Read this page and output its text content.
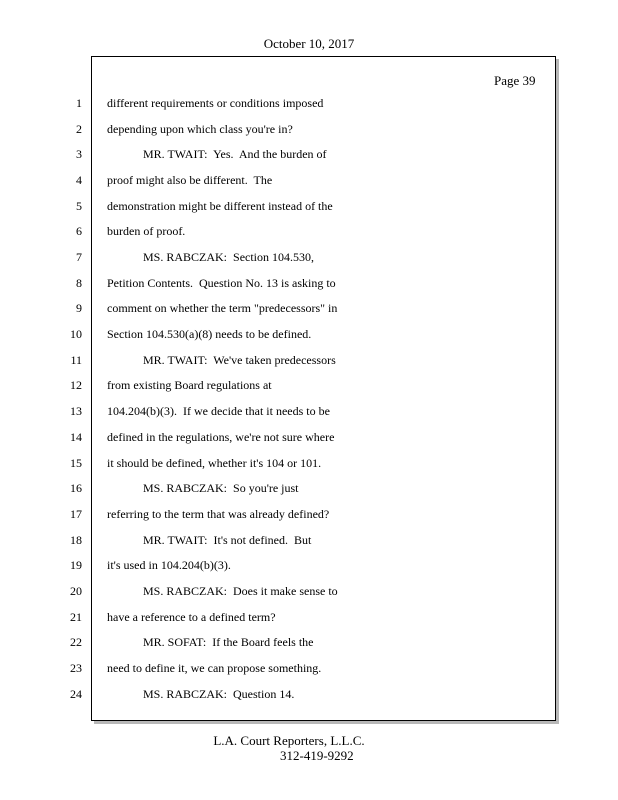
October 10, 2017
Page 39
1
2
3
4
5
6
7
8
9
10
11
12
13
14
15
16
17
18
19
20
21
22
23
24
different requirements or conditions imposed
depending upon which class you're in?
MR. TWAIT:  Yes.  And the burden of
proof might also be different.  The
demonstration might be different instead of the
burden of proof.
MS. RABCZAK:  Section 104.530,
Petition Contents.  Question No. 13 is asking to
comment on whether the term "predecessors" in
Section 104.530(a)(8) needs to be defined.
MR. TWAIT:  We've taken predecessors
from existing Board regulations at
104.204(b)(3).  If we decide that it needs to be
defined in the regulations, we're not sure where
it should be defined, whether it's 104 or 101.
MS. RABCZAK:  So you're just
referring to the term that was already defined?
MR. TWAIT:  It's not defined.  But
it's used in 104.204(b)(3).
MS. RABCZAK:  Does it make sense to
have a reference to a defined term?
MR. SOFAT:  If the Board feels the
need to define it, we can propose something.
MS. RABCZAK:  Question 14.
L.A. Court Reporters, L.L.C.
312-419-9292
